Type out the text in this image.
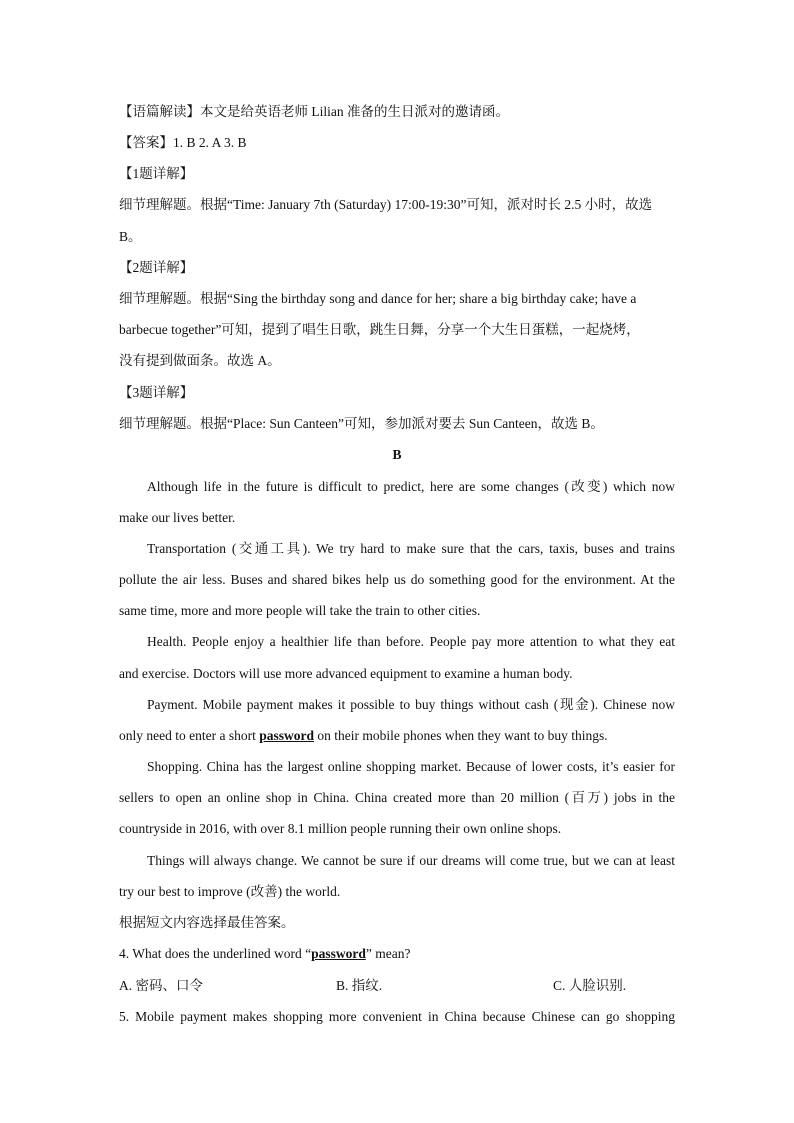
【语篇解读】本文是给英语老师 Lilian 准备的生日派对的邀请函。
【答案】1. B 2. A 3. B
【1题详解】
细节理解题。根据“Time: January 7th (Saturday) 17:00-19:30”可知，派对时长 2.5 小时，故选
B。
【2题详解】
细节理解题。根据“Sing the birthday song and dance for her; share a big birthday cake; have a
barbecue together”可知，提到了唱生日歌，跳生日舞，分享一个大生日蛋糕，一起烧烤，
没有提到做面条。故选 A。
【3题详解】
细节理解题。根据“Place: Sun Canteen”可知，参加派对要去 Sun Canteen，故选 B。
B
Although life in the future is difficult to predict, here are some changes (改变) which now
make our lives better.
Transportation (交通工具). We try hard to make sure that the cars, taxis, buses and trains
pollute the air less. Buses and shared bikes help us do something good for the environment. At the
same time, more and more people will take the train to other cities.
Health. People enjoy a healthier life than before. People pay more attention to what they eat
and exercise. Doctors will use more advanced equipment to examine a human body.
Payment. Mobile payment makes it possible to buy things without cash (现金). Chinese now
only need to enter a short password on their mobile phones when they want to buy things.
Shopping. China has the largest online shopping market. Because of lower costs, it’s easier for
sellers to open an online shop in China. China created more than 20 million (百万) jobs in the
countryside in 2016, with over 8.1 million people running their own online shops.
Things will always change. We cannot be sure if our dreams will come true, but we can at least
try our best to improve (改善) the world.
根据短文内容选择最佳答案。
4. What does the underlined word “password” mean?
A. 密码、口令	B. 指纹.	C. 人脸识别.
5. Mobile payment makes shopping more convenient in China because Chinese can go shopping
